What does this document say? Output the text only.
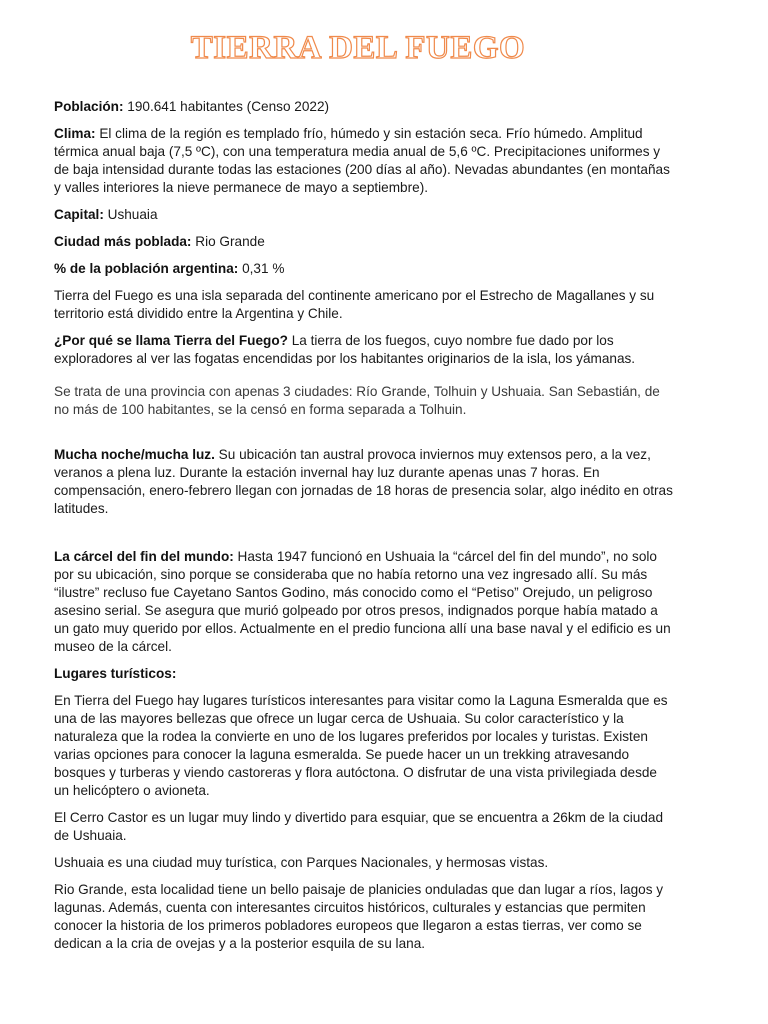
TIERRA DEL FUEGO

Población: 190.641 habitantes (Censo 2022)

Clima: El clima de la región es templado frío, húmedo y sin estación seca. Frío húmedo. Amplitud térmica anual baja (7,5 ºC), con una temperatura media anual de 5,6 ºC. Precipitaciones uniformes y de baja intensidad durante todas las estaciones (200 días al año). Nevadas abundantes (en montañas y valles interiores la nieve permanece de mayo a septiembre).

Capital: Ushuaia

Ciudad más poblada: Rio Grande

% de la población argentina: 0,31 %

Tierra del Fuego es una isla separada del continente americano por el Estrecho de Magallanes y su territorio está dividido entre la Argentina y Chile.

¿Por qué se llama Tierra del Fuego? La tierra de los fuegos, cuyo nombre fue dado por los exploradores al ver las fogatas encendidas por los habitantes originarios de la isla, los yámanas.

Se trata de una provincia con apenas 3 ciudades: Río Grande, Tolhuin y Ushuaia. San Sebastián, de no más de 100 habitantes, se la censó en forma separada a Tolhuin.

Mucha noche/mucha luz. Su ubicación tan austral provoca inviernos muy extensos pero, a la vez, veranos a plena luz. Durante la estación invernal hay luz durante apenas unas 7 horas. En compensación, enero-febrero llegan con jornadas de 18 horas de presencia solar, algo inédito en otras latitudes.

La cárcel del fin del mundo: Hasta 1947 funcionó en Ushuaia la “cárcel del fin del mundo”, no solo por su ubicación, sino porque se consideraba que no había retorno una vez ingresado allí. Su más “ilustre” recluso fue Cayetano Santos Godino, más conocido como el “Petiso” Orejudo, un peligroso asesino serial. Se asegura que murió golpeado por otros presos, indignados porque había matado a un gato muy querido por ellos. Actualmente en el predio funciona allí una base naval y el edificio es un museo de la cárcel.

Lugares turísticos:

En Tierra del Fuego hay lugares turísticos interesantes para visitar como la Laguna Esmeralda que es una de las mayores bellezas que ofrece un lugar cerca de Ushuaia. Su color característico y la naturaleza que la rodea la convierte en uno de los lugares preferidos por locales y turistas. Existen varias opciones para conocer la laguna esmeralda. Se puede hacer un un trekking atravesando bosques y turberas y viendo castoreras y flora autóctona. O disfrutar de una vista privilegiada desde un helicóptero o avioneta.

El Cerro Castor es un lugar muy lindo y divertido para esquiar, que se encuentra a 26km de la ciudad de Ushuaia.

Ushuaia es una ciudad muy turística, con Parques Nacionales, y hermosas vistas.

Rio Grande, esta localidad tiene un bello paisaje de planicies onduladas que dan lugar a ríos, lagos y lagunas. Además, cuenta con interesantes circuitos históricos, culturales y estancias que permiten conocer la historia de los primeros pobladores europeos que llegaron a estas tierras, ver como se dedican a la cria de ovejas y a la posterior esquila de su lana.
